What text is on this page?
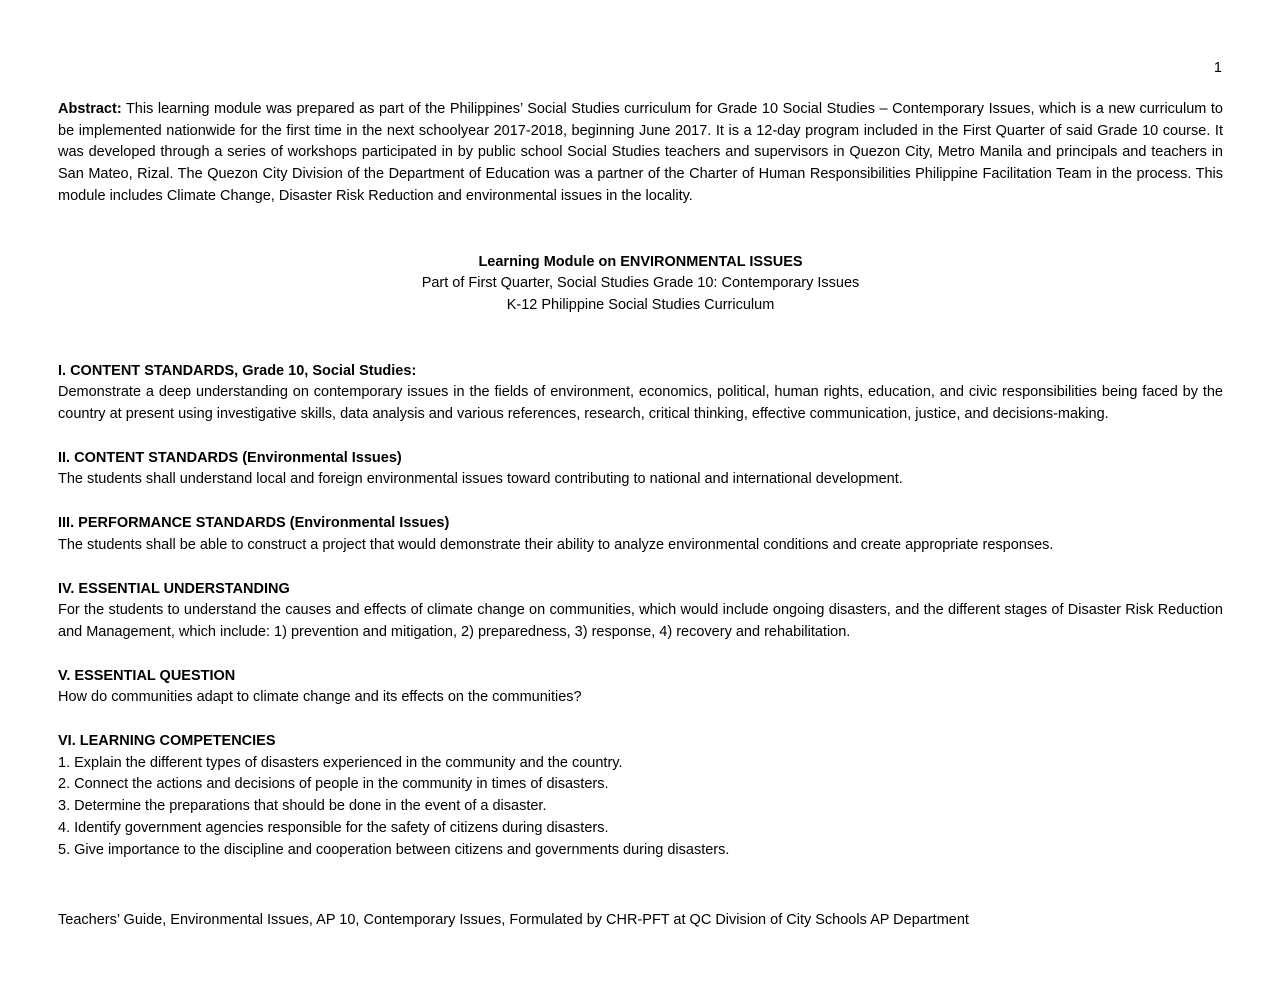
1

Abstract: This learning module was prepared as part of the Philippines’ Social Studies curriculum for Grade 10 Social Studies – Contemporary Issues, which is a new curriculum to be implemented nationwide for the first time in the next schoolyear 2017-2018, beginning June 2017. It is a 12-day program included in the First Quarter of said Grade 10 course. It was developed through a series of workshops participated in by public school Social Studies teachers and supervisors in Quezon City, Metro Manila and principals and teachers in San Mateo, Rizal. The Quezon City Division of the Department of Education was a partner of the Charter of Human Responsibilities Philippine Facilitation Team in the process. This module includes Climate Change, Disaster Risk Reduction and environmental issues in the locality.

Learning Module on ENVIRONMENTAL ISSUES
Part of First Quarter, Social Studies Grade 10: Contemporary Issues
K-12 Philippine Social Studies Curriculum
I. CONTENT STANDARDS, Grade 10, Social Studies:
Demonstrate a deep understanding on contemporary issues in the fields of environment, economics, political, human rights, education, and civic responsibilities being faced by the country at present using investigative skills, data analysis and various references, research, critical thinking, effective communication, justice, and decisions-making.
II. CONTENT STANDARDS (Environmental Issues)
The students shall understand local and foreign environmental issues toward contributing to national and international development.
III. PERFORMANCE STANDARDS (Environmental Issues)
The students shall be able to construct a project that would demonstrate their ability to analyze environmental conditions and create appropriate responses.
IV. ESSENTIAL UNDERSTANDING
For the students to understand the causes and effects of climate change on communities, which would include ongoing disasters, and the different stages of Disaster Risk Reduction and Management, which include: 1) prevention and mitigation, 2) preparedness, 3) response, 4) recovery and rehabilitation.
V. ESSENTIAL QUESTION
How do communities adapt to climate change and its effects on the communities?
VI. LEARNING COMPETENCIES
1. Explain the different types of disasters experienced in the community and the country.
2. Connect the actions and decisions of people in the community in times of disasters.
3. Determine the preparations that should be done in the event of a disaster.
4. Identify government agencies responsible for the safety of citizens during disasters.
5. Give importance to the discipline and cooperation between citizens and governments during disasters.
Teachers’ Guide, Environmental Issues, AP 10, Contemporary Issues, Formulated by CHR-PFT at QC Division of City Schools AP Department
